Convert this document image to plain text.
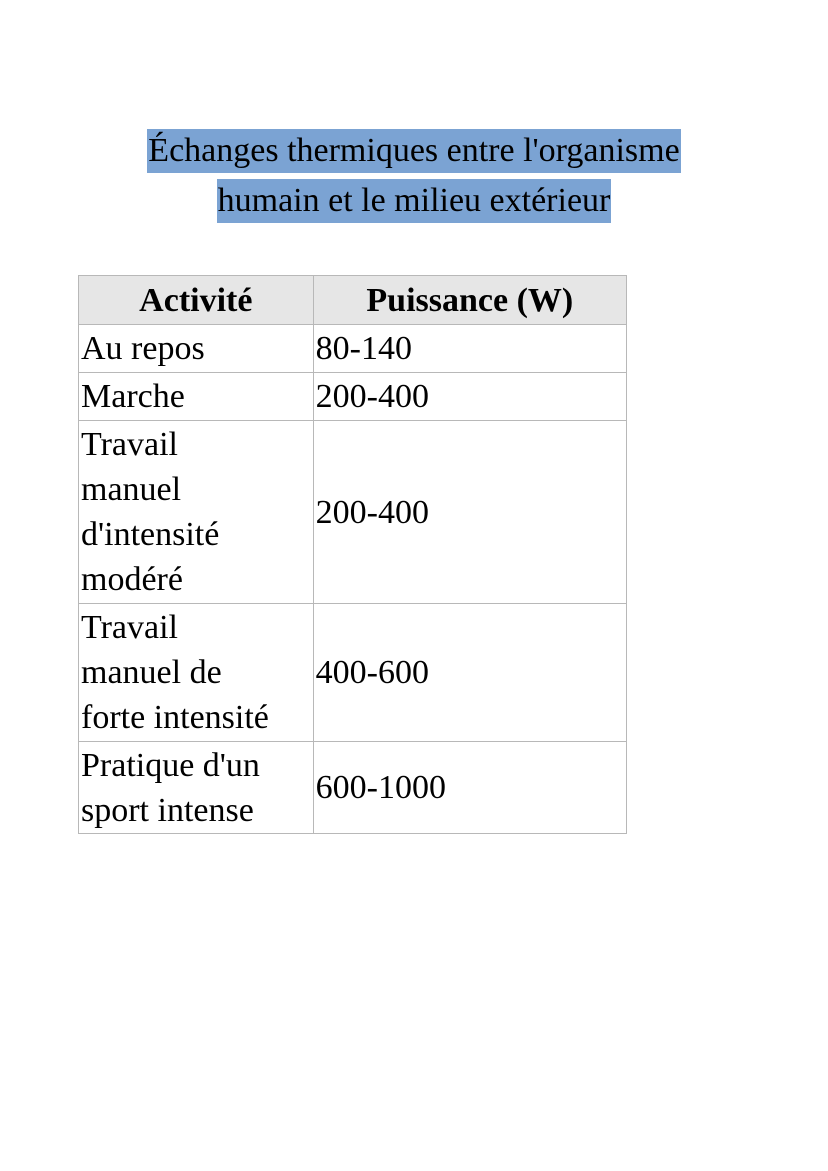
Échanges thermiques entre l'organisme
humain et le milieu extérieur
Activité	Puissance (W)

Au repos	80-140

Marche	200-400

Travail
manuel
d'intensité
modéré	200-400

Travail
manuel de
forte intensité	400-600

Pratique d'un
sport intense	600-1000
